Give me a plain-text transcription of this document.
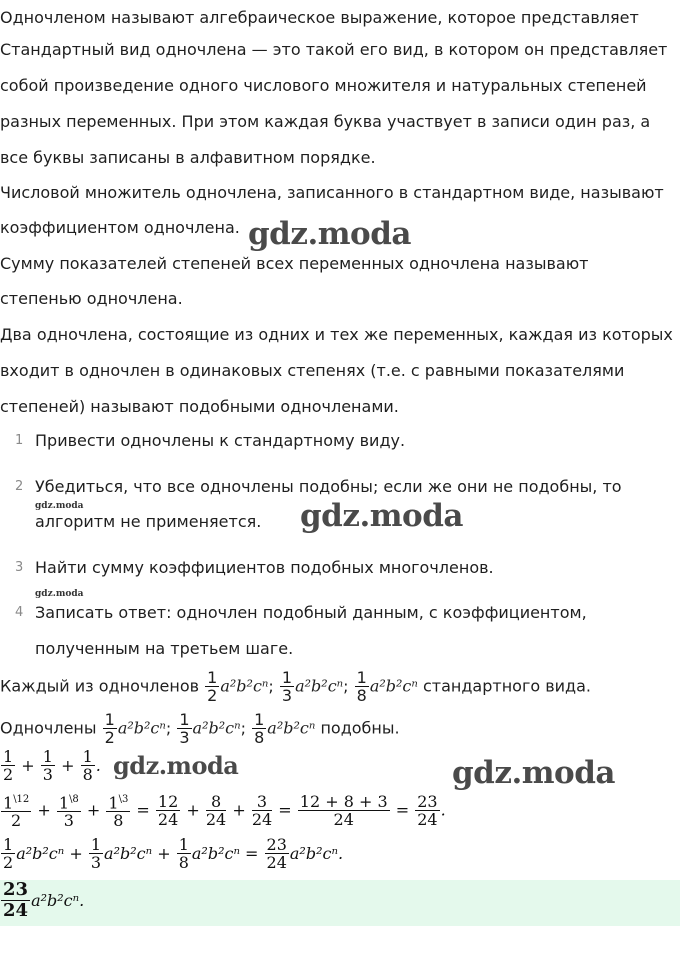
Одночленом называют алгебраическое выражение, которое представляет
Стандартный вид одночлена — это такой его вид, в котором он представляет
собой произведение одного числового множителя и натуральных степеней
разных переменных. При этом каждая буква участвует в записи один раз, а
все буквы записаны в алфавитном порядке.
Числовой множитель одночлена, записанного в стандартном виде, называют
коэффициентом одночлена.
Сумму показателей степеней всех переменных одночлена называют
степенью одночлена.
Два одночлена, состоящие из одних и тех же переменных, каждая из которых
входит в одночлен в одинаковых степенях (т.е. с равными показателями
степеней) называют подобными одночленами.
gdz.moda
1 Привести одночлены к стандартному виду.
2 Убедиться, что все одночлены подобны; если же они не подобны, то
gdz.moda
алгоритм не применяется. gdz.moda
3 Найти сумму коэффициентов подобных многочленов.
gdz.moda
4 Записать ответ: одночлен подобный данным, с коэффициентом,
полученным на третьем шаге.
Каждый из одночленов $\frac{1}{2} a^2b^2c^n$; $\frac{1}{3} a^2b^2c^n$; $\frac{1}{8} a^2b^2c^n$ стандартного вида.
Одночлены $\frac{1}{2} a^2b^2c^n$; $\frac{1}{3} a^2b^2c^n$; $\frac{1}{8} a^2b^2c^n$ подобны.
$\frac{1}{2} + \frac{1}{3} + \frac{1}{8}$ . gdz.moda	gdz.moda
$\frac{1^{\backslash 12}}{2} + \frac{1^{\backslash 8}}{3} + \frac{1^{\backslash 3}}{8} = \frac{12}{24} + \frac{8}{24} + \frac{3}{24} = \frac{12 + 8 + 3}{24} = \frac{23}{24}$ .
$\frac{1}{2} a^2b^2c^n + \frac{1}{3} a^2b^2c^n + \frac{1}{8} a^2b^2c^n = \frac{23}{24} a^2b^2c^n$.
$\frac{23}{24} a^2b^2c^n$.
